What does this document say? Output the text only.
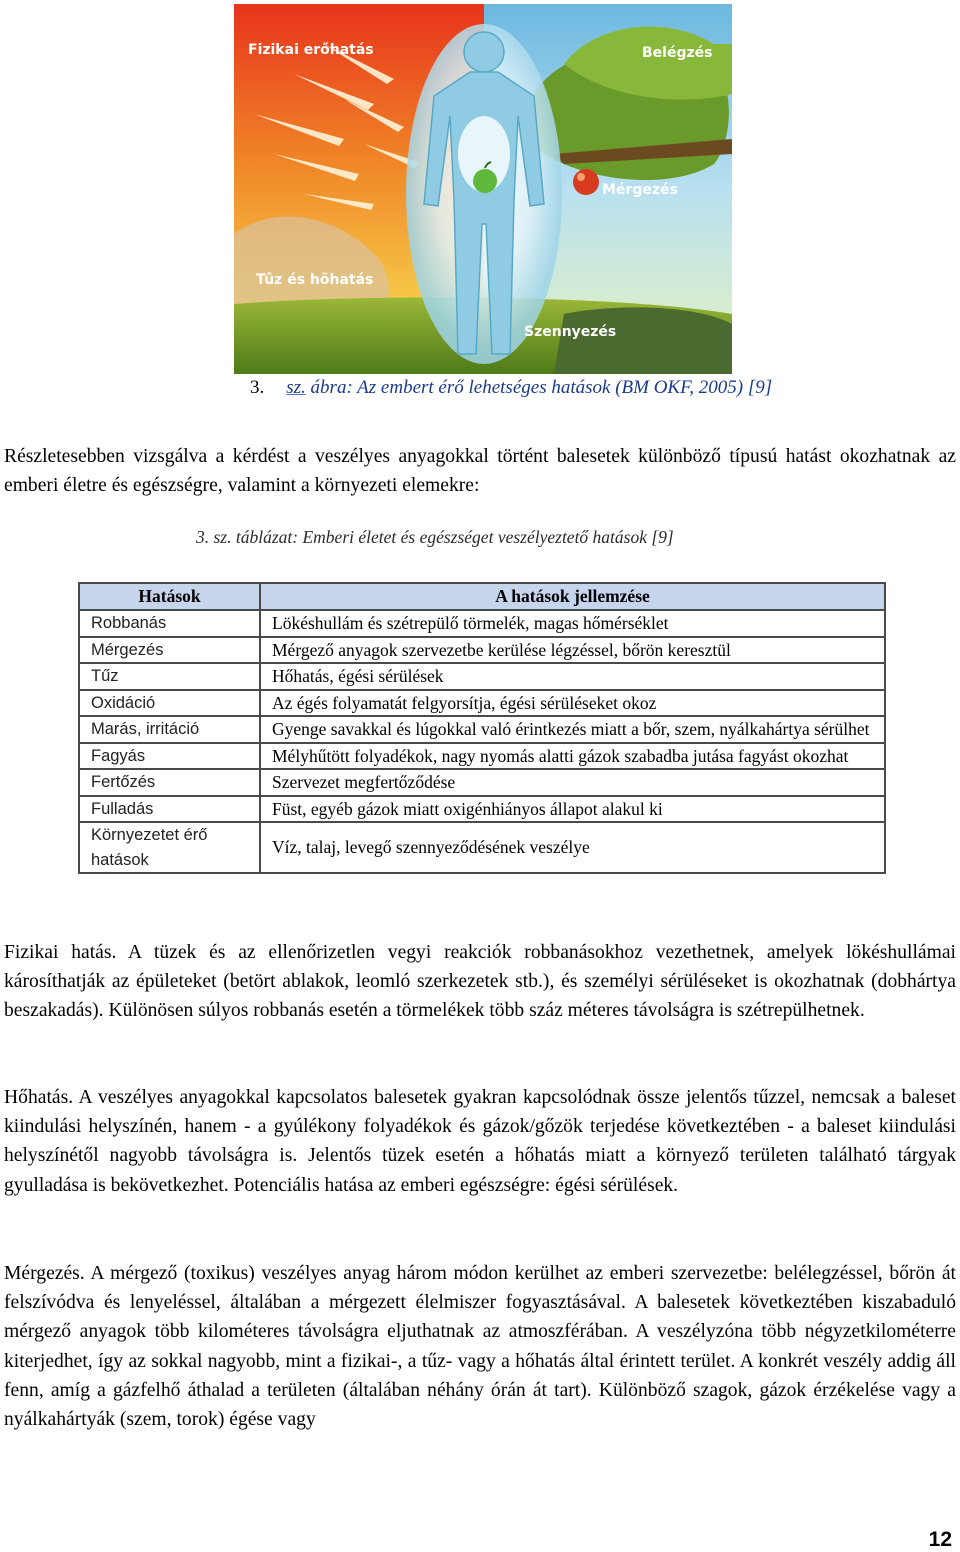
Fizikai erőhatás	Belégzés
Mérgezés
Tûz és hõhatás
Szennyezés
3. sz. ábra: Az embert érő lehetséges hatások (BM OKF, 2005) [9]
Részletesebben vizsgálva a kérdést a veszélyes anyagokkal történt balesetek különböző típusú hatást okozhatnak az emberi életre és egészségre, valamint a környezeti elemekre:
3. sz. táblázat: Emberi életet és egészséget veszélyeztető hatások [9]
Hatások	A hatások jellemzése
Robbanás	Lökéshullám és szétrepülő törmelék, magas hőmérséklet
Mérgezés	Mérgező anyagok szervezetbe kerülése légzéssel, bőrön keresztül
Tűz	Hőhatás, égési sérülések
Oxidáció	Az égés folyamatát felgyorsítja, égési sérüléseket okoz
Marás, irritáció	Gyenge savakkal és lúgokkal való érintkezés miatt a bőr, szem, nyálkahártya sérülhet
Fagyás	Mélyhűtött folyadékok, nagy nyomás alatti gázok szabadba jutása fagyást okozhat
Fertőzés	Szervezet megfertőződése
Fulladás	Füst, egyéb gázok miatt oxigénhiányos állapot alakul ki
Környezetet érő hatások	Víz, talaj, levegő szennyeződésének veszélye
Fizikai hatás. A tüzek és az ellenőrizetlen vegyi reakciók robbanásokhoz vezethetnek, amelyek lökéshullámai károsíthatják az épületeket (betört ablakok, leomló szerkezetek stb.), és személyi sérüléseket is okozhatnak (dobhártya beszakadás). Különösen súlyos robbanás esetén a törmelékek több száz méteres távolságra is szétrepülhetnek.
Hőhatás. A veszélyes anyagokkal kapcsolatos balesetek gyakran kapcsolódnak össze jelentős tűzzel, nemcsak a baleset kiindulási helyszínén, hanem - a gyúlékony folyadékok és gázok/gőzök terjedése következtében - a baleset kiindulási helyszínétől nagyobb távolságra is. Jelentős tüzek esetén a hőhatás miatt a környező területen található tárgyak gyulladása is bekövetkezhet. Potenciális hatása az emberi egészségre: égési sérülések.
Mérgezés. A mérgező (toxikus) veszélyes anyag három módon kerülhet az emberi szervezetbe: belélegzéssel, bőrön át felszívódva és lenyeléssel, általában a mérgezett élelmiszer fogyasztásával. A balesetek következtében kiszabaduló mérgező anyagok több kilométeres távolságra eljuthatnak az atmoszférában. A veszélyzóna több négyzetkilométerre kiterjedhet, így az sokkal nagyobb, mint a fizikai-, a tűz- vagy a hőhatás által érintett terület. A konkrét veszély addig áll fenn, amíg a gázfelhő áthalad a területen (általában néhány órán át tart). Különböző szagok, gázok érzékelése vagy a nyálkahártyák (szem, torok) égése vagy
12
